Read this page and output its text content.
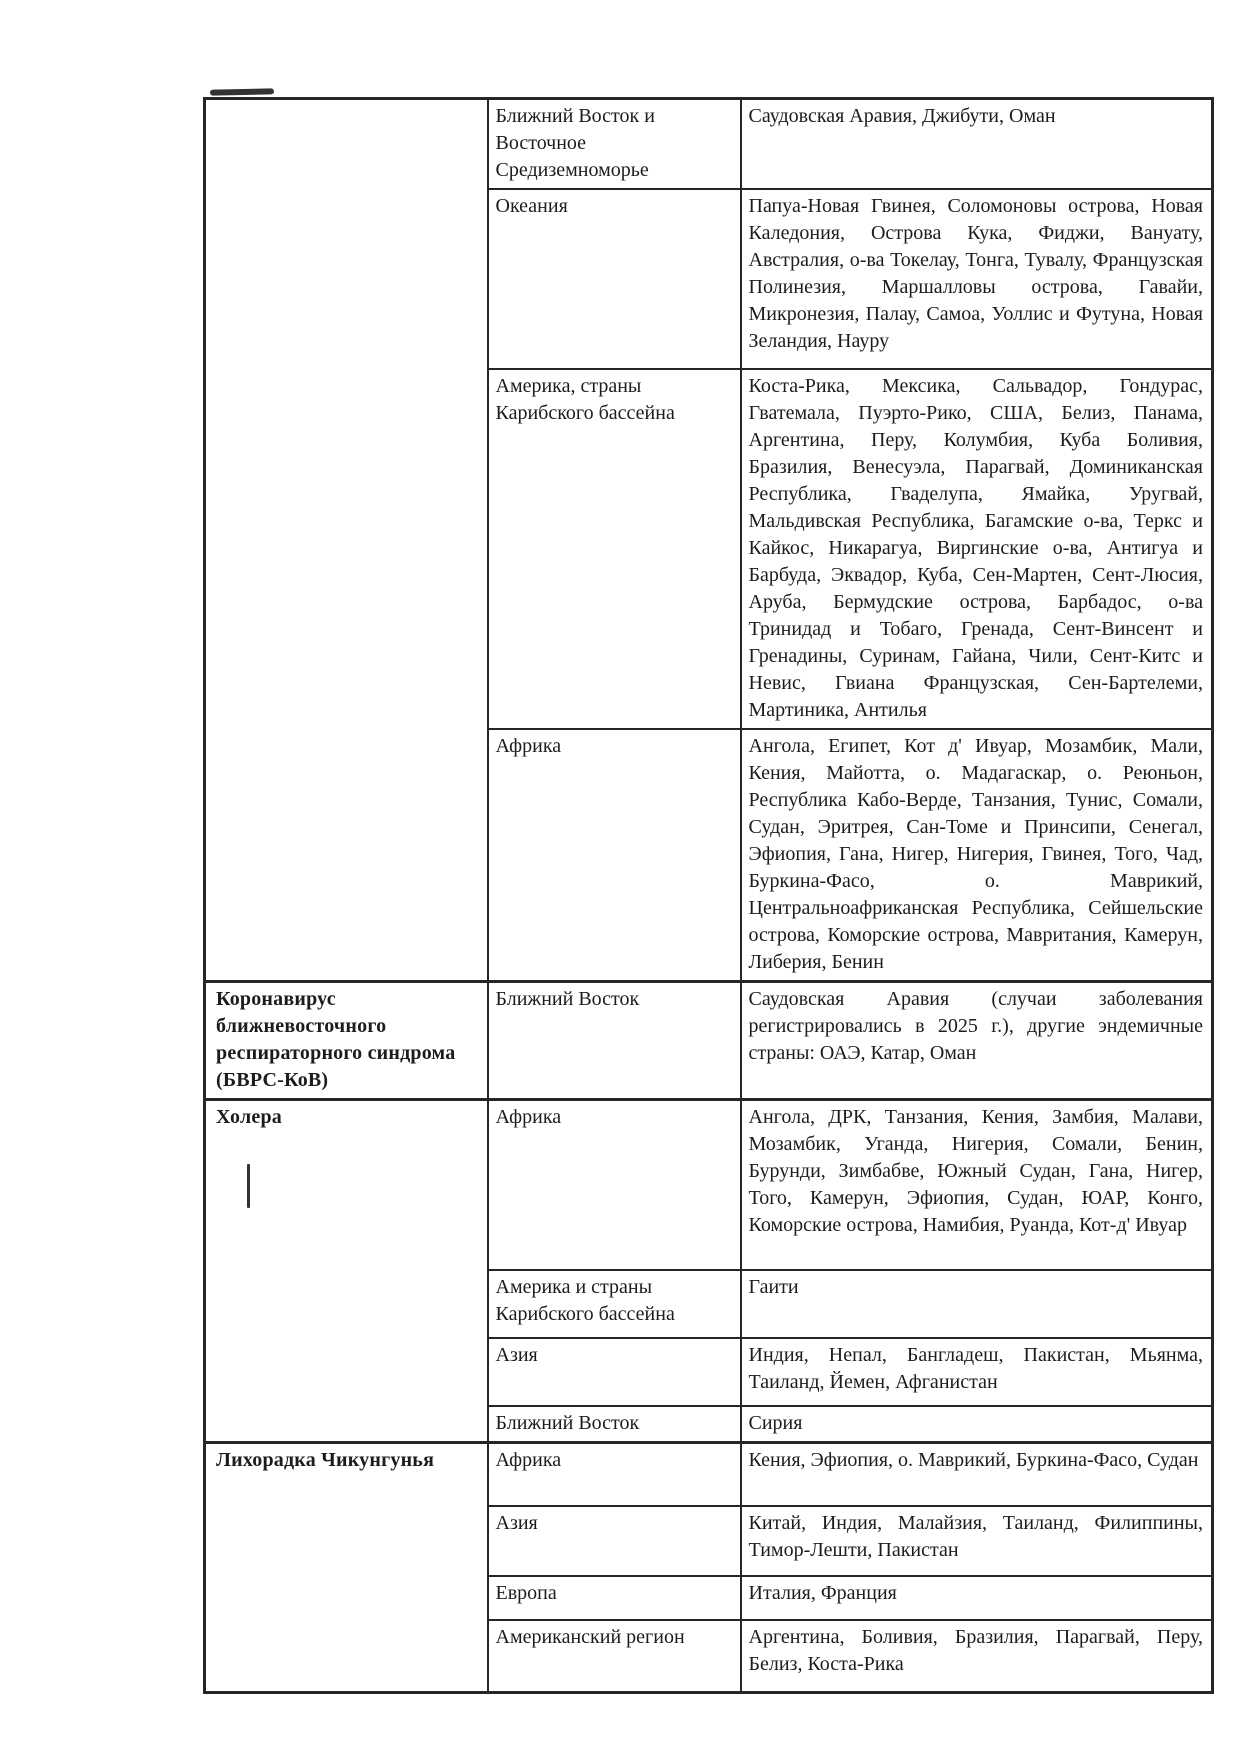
	Ближний Восток и Восточное Средиземноморье	Саудовская Аравия, Джибути, Оман
	Океания	Папуа-Новая Гвинея, Соломоновы острова, Новая Каледония, Острова Кука, Фиджи, Вануату, Австралия, о-ва Токелау, Тонга, Тувалу, Французская Полинезия, Маршалловы острова, Гавайи, Микронезия, Палау, Самоа, Уоллис и Футуна, Новая Зеландия, Науру
	Америка, страны Карибского бассейна	Коста-Рика, Мексика, Сальвадор, Гондурас, Гватемала, Пуэрто-Рико, США, Белиз, Панама, Аргентина, Перу, Колумбия, Куба Боливия, Бразилия, Венесуэла, Парагвай, Доминиканская Республика, Гваделупа, Ямайка, Уругвай, Мальдивская Республика, Багамские о-ва, Теркс и Кайкос, Никарагуа, Виргинские о-ва, Антигуа и Барбуда, Эквадор, Куба, Сен-Мартен, Сент-Люсия, Аруба, Бермудские острова, Барбадос, о-ва Тринидад и Тобаго, Гренада, Сент-Винсент и Гренадины, Суринам, Гайана, Чили, Сент-Китс и Невис, Гвиана Французская, Сен-Бартелеми, Мартиника, Антилья
	Африка	Ангола, Египет, Кот д' Ивуар, Мозамбик, Мали, Кения, Майотта, о. Мадагаскар, о. Реюньон, Республика Кабо-Верде, Танзания, Тунис, Сомали, Судан, Эритрея, Сан-Томе и Принсипи, Сенегал, Эфиопия, Гана, Нигер, Нигерия, Гвинея, Того, Чад, Буркина-Фасо, о. Маврикий, Центральноафриканская Республика, Сейшельские острова, Коморские острова, Мавритания, Камерун, Либерия, Бенин
Коронавирус ближневосточного респираторного синдрома (БВРС-КоВ)	Ближний Восток	Саудовская Аравия (случаи заболевания регистрировались в 2025 г.), другие эндемичные страны: ОАЭ, Катар, Оман
Холера	Африка	Ангола, ДРК, Танзания, Кения, Замбия, Малави, Мозамбик, Уганда, Нигерия, Сомали, Бенин, Бурунди, Зимбабве, Южный Судан, Гана, Нигер, Того, Камерун, Эфиопия, Судан, ЮАР, Конго, Коморские острова, Намибия, Руанда, Кот-д' Ивуар
	Америка и страны Карибского бассейна	Гаити
	Азия	Индия, Непал, Бангладеш, Пакистан, Мьянма, Таиланд, Йемен, Афганистан
	Ближний Восток	Сирия
Лихорадка Чикунгунья	Африка	Кения, Эфиопия, о. Маврикий, Буркина-Фасо, Судан
	Азия	Китай, Индия, Малайзия, Таиланд, Филиппины, Тимор-Лешти, Пакистан
	Европа	Италия, Франция
	Американский регион	Аргентина, Боливия, Бразилия, Парагвай, Перу, Белиз, Коста-Рика
